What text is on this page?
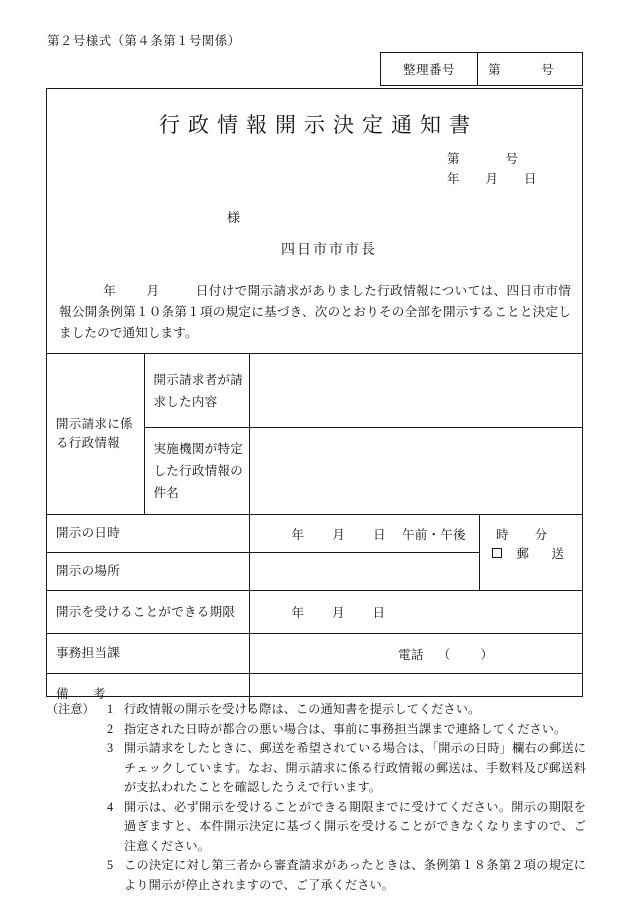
第２号様式（第４条第１号関係）
整理番号	第	号
行政情報開示決定通知書
第	号
年 月 日
様
四日市市市長
年 月	日付けで開示請求がありました行政情報については、四日市市情報公開条例第１０条第１項の規定に基づき、次のとおりその全部を開示することと決定しましたので通知します。
開示請求に係る行政情報	開示請求者が請求した内容		

	実施機関が特定した行政情報の件名		

開示の日時		年 月 日 午前・午後 時 分	郵　送

開示の場所			

開示を受けることができる期限		年 月 日	

事務担当課		電話 （ ）	

備 考			

（注意）	1 行政情報の開示を受ける際は、この通知書を提示してください。
2 指定された日時が都合の悪い場合は、事前に事務担当課まで連絡してください。
3 開示請求をしたときに、郵送を希望されている場合は、「開示の日時」欄右の郵送にチェックしています。なお、開示請求に係る行政情報の郵送は、手数料及び郵送料が支払われたことを確認したうえで行います。
4 開示は、必ず開示を受けることができる期限までに受けてください。開示の期限を過ぎますと、本件開示決定に基づく開示を受けることができなくなりますので、ご注意ください。
5 この決定に対し第三者から審査請求があったときは、条例第１８条第２項の規定により開示が停止されますので、ご了承ください。
